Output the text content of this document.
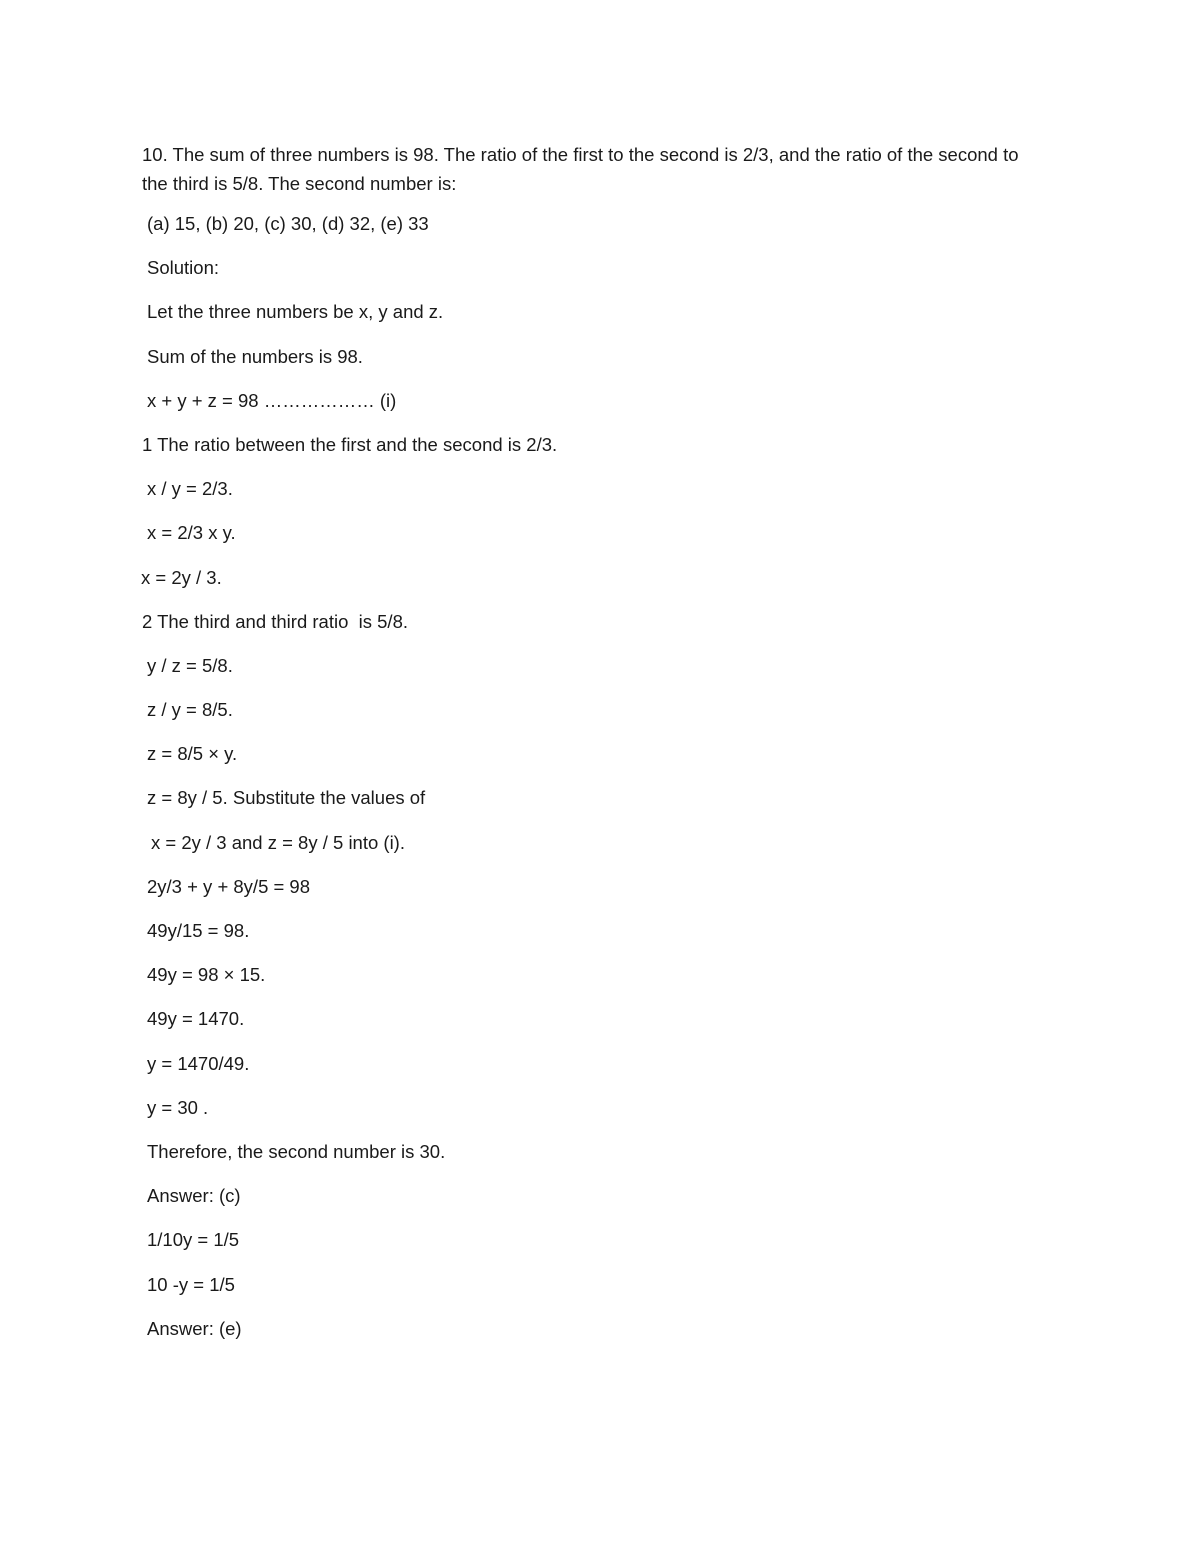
10. The sum of three numbers is 98. The ratio of the first to the second is 2/3, and the ratio of the second to the third is 5/8. The second number is:

(a) 15, (b) 20, (c) 30, (d) 32, (e) 33
Solution:
Let the three numbers be x, y and z.
Sum of the numbers is 98.
x + y + z = 98 ……………… (i)
1 The ratio between the first and the second is 2/3.
x / y = 2/3.
x = 2/3 x y.
x = 2y / 3.
2 The third and third ratio  is 5/8.
y / z = 5/8.
z / y = 8/5.
z = 8/5 × y.
z = 8y / 5. Substitute the values of
x = 2y / 3 and z = 8y / 5 into (i).
2y/3 + y + 8y/5 = 98
49y/15 = 98.
49y = 98 × 15.
49y = 1470.
y = 1470/49.
y = 30 .
Therefore, the second number is 30.
Answer: (c)
1/10y = 1/5
10 -y = 1/5
Answer: (e)
